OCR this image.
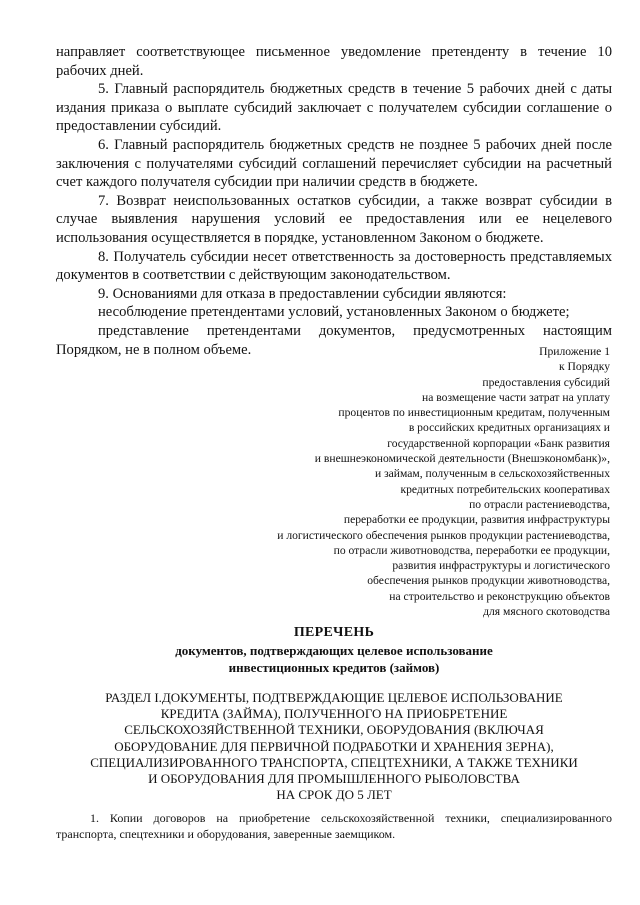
направляет соответствующее письменное уведомление претенденту в течение 10 рабочих дней.

5. Главный распорядитель бюджетных средств в течение 5 рабочих дней с даты издания приказа о выплате субсидий заключает с получателем субсидии соглашение о предоставлении субсидий.

6. Главный распорядитель бюджетных средств не позднее 5 рабочих дней после заключения с получателями субсидий соглашений перечисляет субсидии на расчетный счет каждого получателя субсидии при наличии средств в бюджете.

7. Возврат неиспользованных остатков субсидии, а также возврат субсидии в случае выявления нарушения условий ее предоставления или ее нецелевого использования осуществляется в порядке, установленном Законом о бюджете.

8. Получатель субсидии несет ответственность за достоверность представляемых документов в соответствии с действующим законодательством.

9. Основаниями для отказа в предоставлении субсидии являются:

несоблюдение претендентами условий, установленных Законом о бюджете;

представление претендентами документов, предусмотренных настоящим Порядком, не в полном объеме.	Приложение 1
к Порядку
предоставления субсидий
на возмещение части затрат на уплату
процентов по инвестиционным кредитам, полученным
в российских кредитных организациях и
государственной корпорации «Банк развития
и внешнеэкономической деятельности (Внешэкономбанк)»,
и займам, полученным в сельскохозяйственных
кредитных потребительских кооперативах
по отрасли растениеводства,
переработки ее продукции, развития инфраструктуры
и логистического обеспечения рынков продукции растениеводства,
по отрасли животноводства, переработки ее продукции,
развития инфраструктуры и логистического
обеспечения рынков продукции животноводства,
на строительство и реконструкцию объектов
для мясного скотоводства
ПЕРЕЧЕНЬ
документов, подтверждающих целевое использование
инвестиционных кредитов (займов)
РАЗДЕЛ I.ДОКУМЕНТЫ, ПОДТВЕРЖДАЮЩИЕ ЦЕЛЕВОЕ ИСПОЛЬЗОВАНИЕ
КРЕДИТА (ЗАЙМА), ПОЛУЧЕННОГО НА ПРИОБРЕТЕНИЕ
СЕЛЬСКОХОЗЯЙСТВЕННОЙ ТЕХНИКИ, ОБОРУДОВАНИЯ (ВКЛЮЧАЯ
ОБОРУДОВАНИЕ ДЛЯ ПЕРВИЧНОЙ ПОДРАБОТКИ И ХРАНЕНИЯ ЗЕРНА),
СПЕЦИАЛИЗИРОВАННОГО ТРАНСПОРТА, СПЕЦТЕХНИКИ, А ТАКЖЕ ТЕХНИКИ
И ОБОРУДОВАНИЯ ДЛЯ ПРОМЫШЛЕННОГО РЫБОЛОВСТВА
НА СРОК ДО 5 ЛЕТ

1. Копии договоров на приобретение сельскохозяйственной техники, специализированного транспорта, спецтехники и оборудования, заверенные заемщиком.
